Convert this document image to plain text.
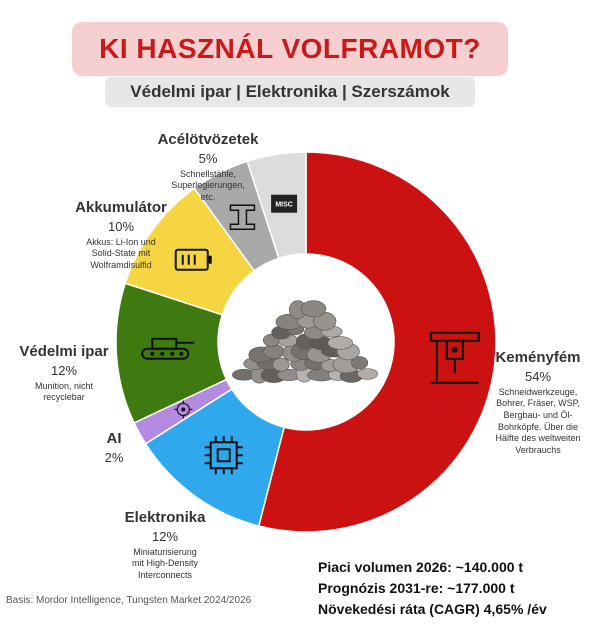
KI HASZNÁL VOLFRAMOT?
Védelmi ipar | Elektronika | Szerszámok
MISC
Keményfém
54%
Schneidwerkzeuge,
Bohrer, Fräser, WSP,
Bergbau- und Öl-
Bohrköpfe. Über die
Hälfte des weltweiten
Verbrauchs
Elektronika
12%
Miniaturisierung
mit High-Density
Interconnects
AI
2%
Védelmi ipar
12%
Munition, nicht
recyclebar
Akkumulátor
10%
Akkus: Li-Ion und
Solid-State mit
Wolframdisulfid
Acélötvözetek
5%
Schnellstähle,
Superlegierungen,
etc.
Basis: Mordor Intelligence, Tungsten Market 2024/2026
Piaci volumen 2026: ~140.000 t
Prognózis 2031-re: ~177.000 t
Növekedési ráta (CAGR) 4,65% /év
